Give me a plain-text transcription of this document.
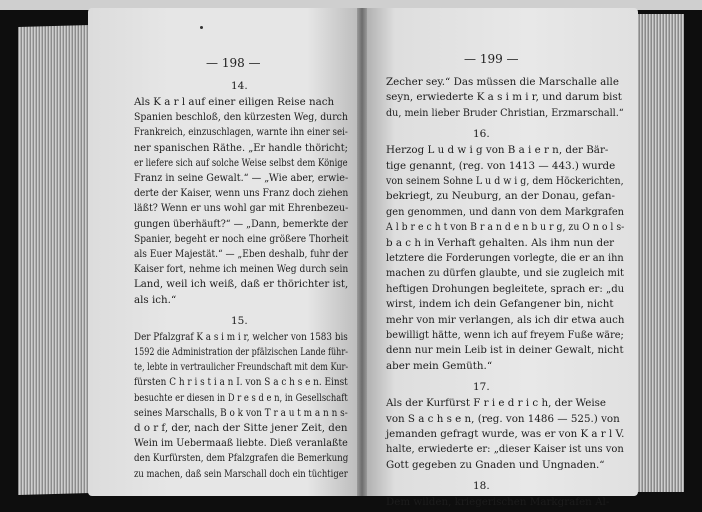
— 198 —
14.
Als K a r l auf einer eiligen Reise nach
Spanien beschloß, den kürzesten Weg, durch
Frankreich, einzuschlagen, warnte ihn einer sei-
ner spanischen Räthe. „Er handle thöricht;
er liefere sich auf solche Weise selbst dem Könige
Franz in seine Gewalt.“ — „Wie aber, erwie-
derte der Kaiser, wenn uns Franz doch ziehen
läßt? Wenn er uns wohl gar mit Ehrenbezeu-
gungen überhäuft?“ — „Dann, bemerkte der
Spanier, begeht er noch eine größere Thorheit
als Euer Majestät.“ — „Eben deshalb, fuhr der
Kaiser fort, nehme ich meinen Weg durch sein
Land, weil ich weiß, daß er thörichter ist,
als ich.“
15.
Der Pfalzgraf K a s i m i r, welcher von 1583 bis
1592 die Administration der pfälzischen Lande führ-
te, lebte in vertraulicher Freundschaft mit dem Kur-
fürsten C h r i s t i a n I. von S a c h s e n. Einst
besuchte er diesen in D r e s d e n, in Gesellschaft
seines Marschalls, B o k von T r a u t m a n n s-
d o r f, der, nach der Sitte jener Zeit, den
Wein im Uebermaaß liebte. Dieß veranlaßte
den Kurfürsten, dem Pfalzgrafen die Bemerkung
zu machen, daß sein Marschall doch ein tüchtiger
— 199 —
Zecher sey.“ Das müssen die Marschalle alle
seyn, erwiederte K a s i m i r, und darum bist
du, mein lieber Bruder Christian, Erzmarschall.“
16.
Herzog L u d w i g von B a i e r n, der Bär-
tige genannt, (reg. von 1413 — 443.) wurde
von seinem Sohne L u d w i g, dem Höckerichten,
bekriegt, zu Neuburg, an der Donau, gefan-
gen genommen, und dann von dem Markgrafen
A l b r e c h t von B r a n d e n b u r g, zu O n o l s-
b a c h in Verhaft gehalten. Als ihm nun der
letztere die Forderungen vorlegte, die er an ihn
machen zu dürfen glaubte, und sie zugleich mit
heftigen Drohungen begleitete, sprach er: „du
wirst, indem ich dein Gefangener bin, nicht
mehr von mir verlangen, als ich dir etwa auch
bewilligt hätte, wenn ich auf freyem Fuße wäre;
denn nur mein Leib ist in deiner Gewalt, nicht
aber mein Gemüth.“
17.
Als der Kurfürst F r i e d r i c h, der Weise
von S a c h s e n, (reg. von 1486 — 525.) von
jemanden gefragt wurde, was er von K a r l V.
halte, erwiederte er: „dieser Kaiser ist uns von
Gott gegeben zu Gnaden und Ungnaden.“
18.
Dem wilden, kriegerischen Markgrafen Al-
